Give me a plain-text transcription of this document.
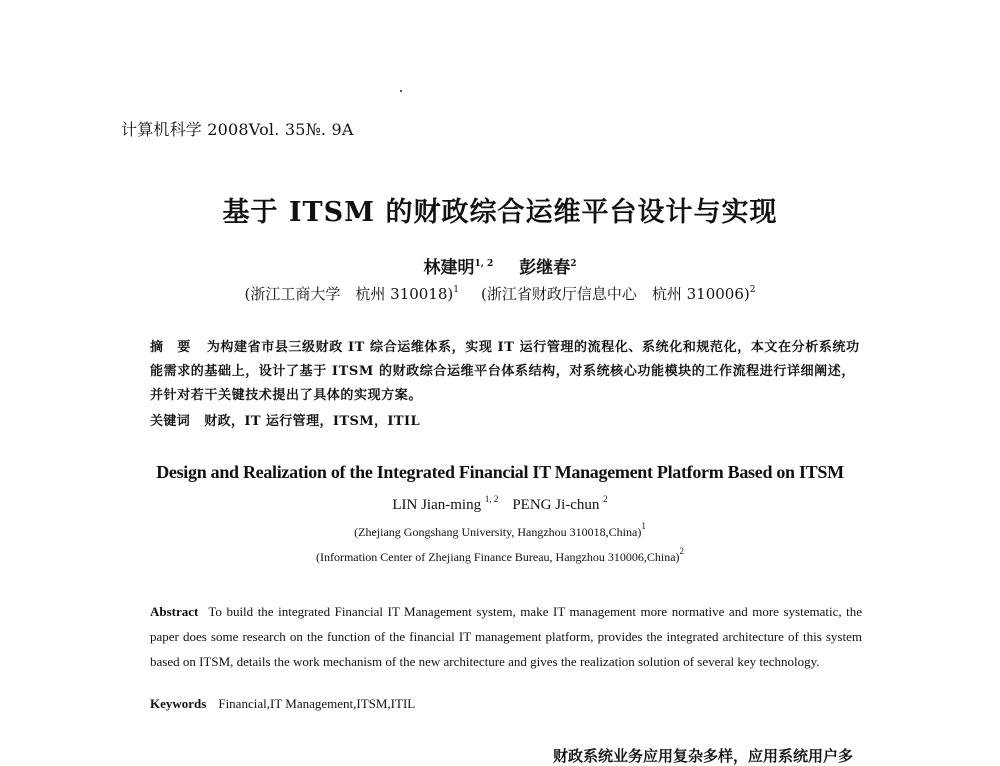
计算机科学 2008Vol. 35№. 9A
基于 ITSM 的财政综合运维平台设计与实现
林建明$^{1, 2}$ 彭继春$^2$
(浙江工商大学　杭州 310018)$^1$ (浙江省财政厅信息中心　杭州 310006)$^2$
摘　要 为构建省市县三级财政 IT 综合运维体系，实现 IT 运行管理的流程化、系统化和规范化，本文在分析系统功能需求的基础上，设计了基于 ITSM 的财政综合运维平台体系结构，对系统核心功能模块的工作流程进行详细阐述，并针对若干关键技术提出了具体的实现方案。
关键词 财政，IT 运行管理，ITSM，ITIL
Design and Realization of the Integrated Financial IT Management Platform Based on ITSM
LIN Jian-ming $^{1, 2}$ PENG Ji-chun $^2$
(Zhejiang Gongshang University, Hangzhou 310018,China)$^1$
(Information Center of Zhejiang Finance Bureau, Hangzhou 310006,China)$^2$
Abstract To build the integrated Financial IT Management system, make IT management more normative and more systematic, the paper does some research on the function of the financial IT management platform, provides the integrated architecture of this system based on ITSM, details the work mechanism of the new architecture and gives the realization solution of several key technology.
Keywords Financial,IT Management,ITSM,ITIL
财政系统业务应用复杂多样，应用系统用户多
